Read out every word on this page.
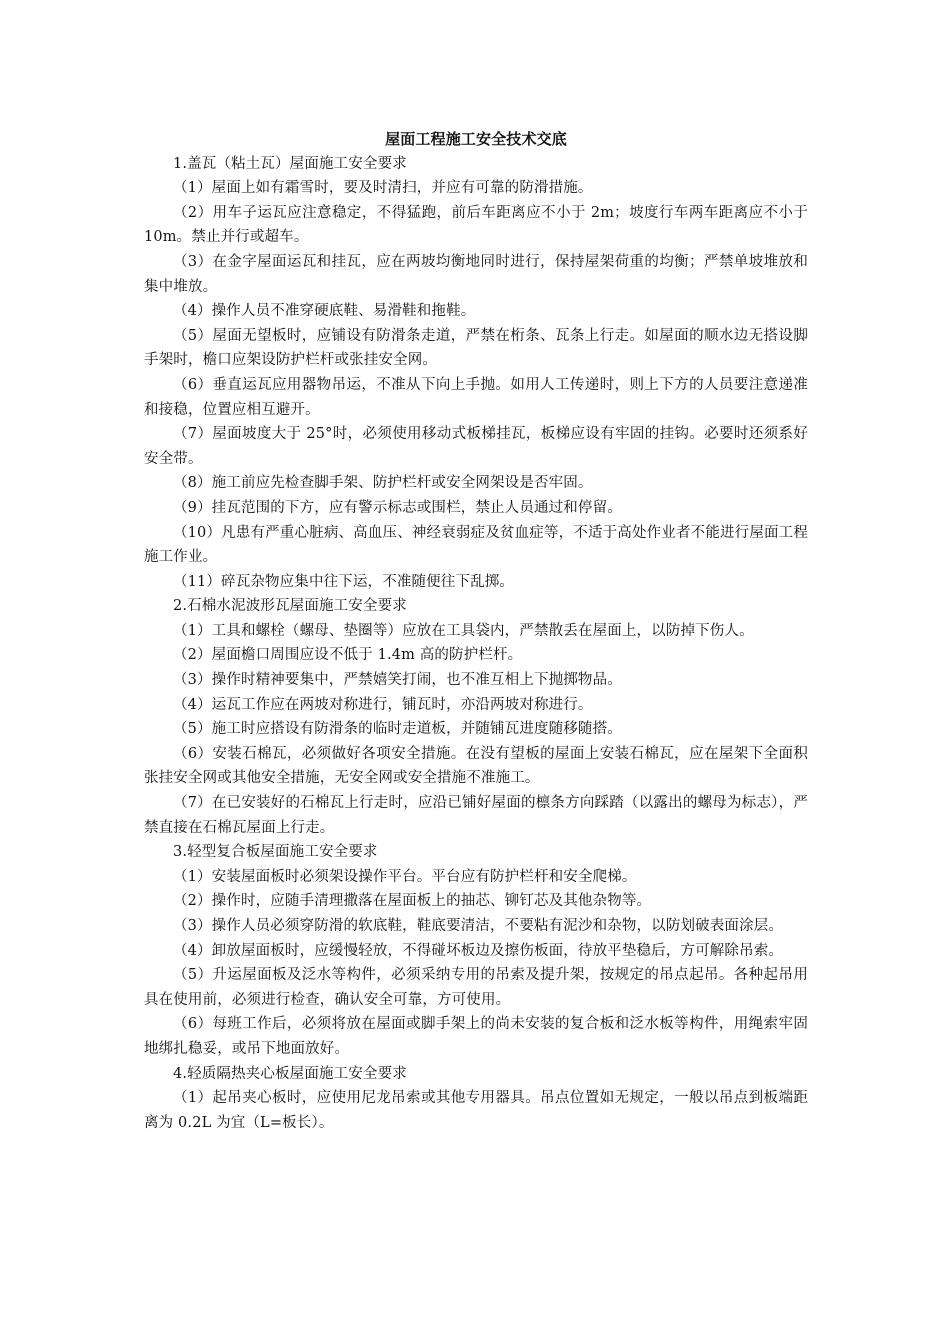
屋面工程施工安全技术交底

1.盖瓦（粘土瓦）屋面施工安全要求

（1）屋面上如有霜雪时，要及时清扫，并应有可靠的防滑措施。

（2）用车子运瓦应注意稳定，不得猛跑，前后车距离应不小于 2m；坡度行车两车距离应不小于 10m。禁止并行或超车。

（3）在金字屋面运瓦和挂瓦，应在两坡均衡地同时进行，保持屋架荷重的均衡；严禁单坡堆放和集中堆放。

（4）操作人员不准穿硬底鞋、易滑鞋和拖鞋。

（5）屋面无望板时，应铺设有防滑条走道，严禁在桁条、瓦条上行走。如屋面的顺水边无搭设脚手架时，檐口应架设防护栏杆或张挂安全网。

（6）垂直运瓦应用器物吊运，不准从下向上手抛。如用人工传递时，则上下方的人员要注意递准和接稳，位置应相互避开。

（7）屋面坡度大于 25°时，必须使用移动式板梯挂瓦，板梯应设有牢固的挂钩。必要时还须系好安全带。

（8）施工前应先检查脚手架、防护栏杆或安全网架设是否牢固。

（9）挂瓦范围的下方，应有警示标志或围栏，禁止人员通过和停留。

（10）凡患有严重心脏病、高血压、神经衰弱症及贫血症等，不适于高处作业者不能进行屋面工程施工作业。

（11）碎瓦杂物应集中往下运，不准随便往下乱掷。

2.石棉水泥波形瓦屋面施工安全要求

（1）工具和螺栓（螺母、垫圈等）应放在工具袋内，严禁散丢在屋面上，以防掉下伤人。

（2）屋面檐口周围应设不低于 1.4m 高的防护栏杆。

（3）操作时精神要集中，严禁嬉笑打闹，也不准互相上下抛掷物品。

（4）运瓦工作应在两坡对称进行，铺瓦时，亦沿两坡对称进行。

（5）施工时应搭设有防滑条的临时走道板，并随铺瓦进度随移随搭。

（6）安装石棉瓦，必须做好各项安全措施。在没有望板的屋面上安装石棉瓦，应在屋架下全面积张挂安全网或其他安全措施，无安全网或安全措施不准施工。

（7）在已安装好的石棉瓦上行走时，应沿已铺好屋面的檩条方向踩踏（以露出的螺母为标志），严禁直接在石棉瓦屋面上行走。

3.轻型复合板屋面施工安全要求

（1）安装屋面板时必须架设操作平台。平台应有防护栏杆和安全爬梯。

（2）操作时，应随手清理撒落在屋面板上的抽芯、铆钉芯及其他杂物等。

（3）操作人员必须穿防滑的软底鞋，鞋底要清洁，不要粘有泥沙和杂物，以防划破表面涂层。

（4）卸放屋面板时，应缓慢轻放，不得碰坏板边及擦伤板面，待放平垫稳后，方可解除吊索。

（5）升运屋面板及泛水等构件，必须采纳专用的吊索及提升架，按规定的吊点起吊。各种起吊用具在使用前，必须进行检查，确认安全可靠，方可使用。

（6）每班工作后，必须将放在屋面或脚手架上的尚未安装的复合板和泛水板等构件，用绳索牢固地绑扎稳妥，或吊下地面放好。

4.轻质隔热夹心板屋面施工安全要求

（1）起吊夹心板时，应使用尼龙吊索或其他专用器具。吊点位置如无规定，一般以吊点到板端距离为 0.2L 为宜（L=板长）。
